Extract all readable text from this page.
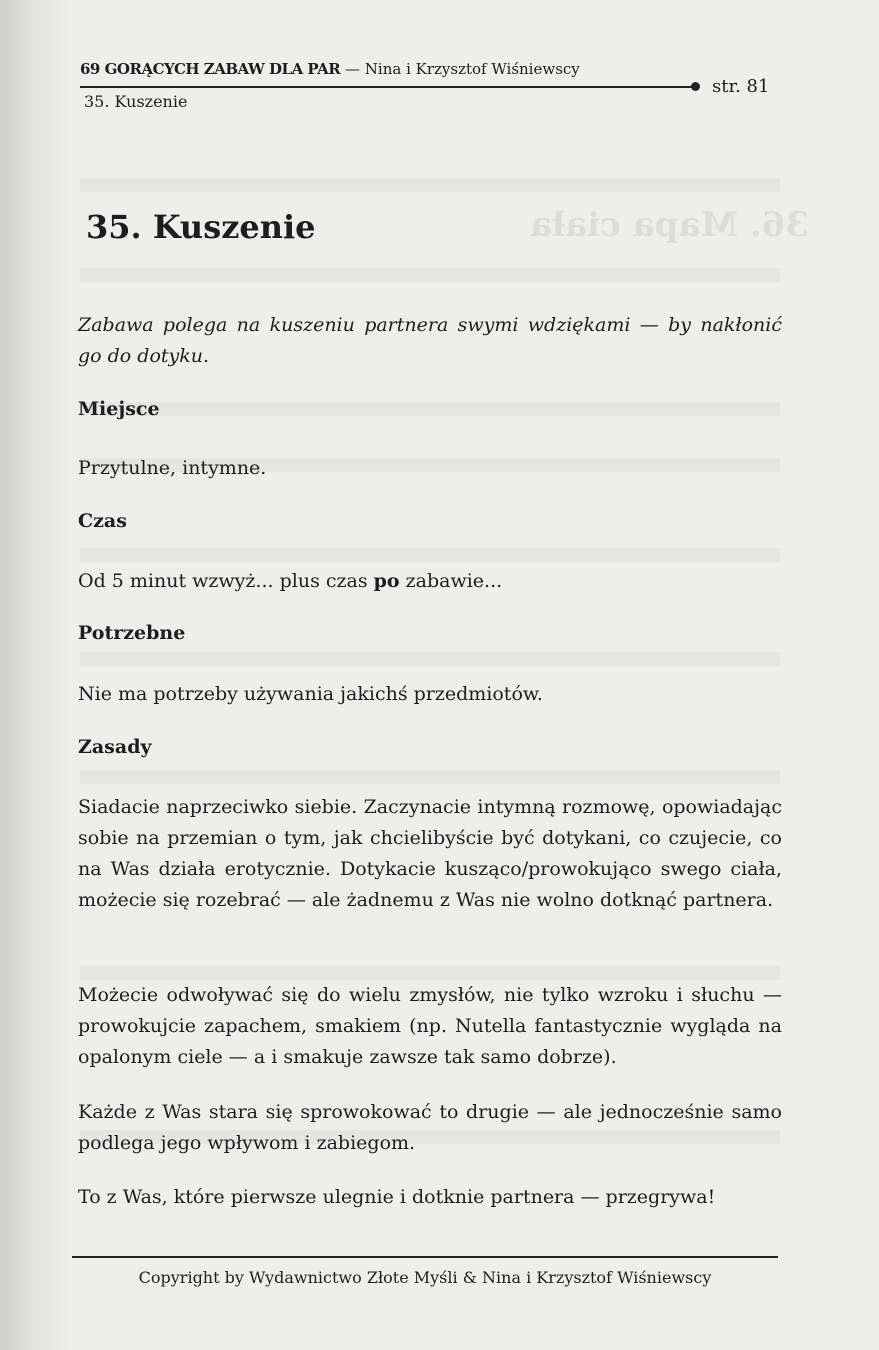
36. Mapa ciała
69 GORĄCYCH ZABAW DLA PAR — Nina i Krzysztof Wiśniewscy
str. 81
35. Kuszenie
35. Kuszenie

Zabawa polega na kuszeniu partnera swymi wdziękami — by nakłonić go do dotyku.

Miejsce

Przytulne, intymne.

Czas

Od 5 minut wzwyż... plus czas po zabawie...

Potrzebne

Nie ma potrzeby używania jakichś przedmiotów.

Zasady

Siadacie naprzeciwko siebie. Zaczynacie intymną rozmowę, opowiadając sobie na przemian o tym, jak chcielibyście być dotykani, co czujecie, co na Was działa erotycznie. Dotykacie kusząco/prowokująco swego ciała, możecie się rozebrać — ale żadnemu z Was nie wolno dotknąć partnera.

Możecie odwoływać się do wielu zmysłów, nie tylko wzroku i słuchu — prowokujcie zapachem, smakiem (np. Nutella fantastycznie wygląda na opalonym ciele — a i smakuje zawsze tak samo dobrze).

Każde z Was stara się sprowokować to drugie — ale jednocześnie samo podlega jego wpływom i zabiegom.

To z Was, które pierwsze ulegnie i dotknie partnera — przegrywa!

Copyright by Wydawnictwo Złote Myśli & Nina i Krzysztof Wiśniewscy
